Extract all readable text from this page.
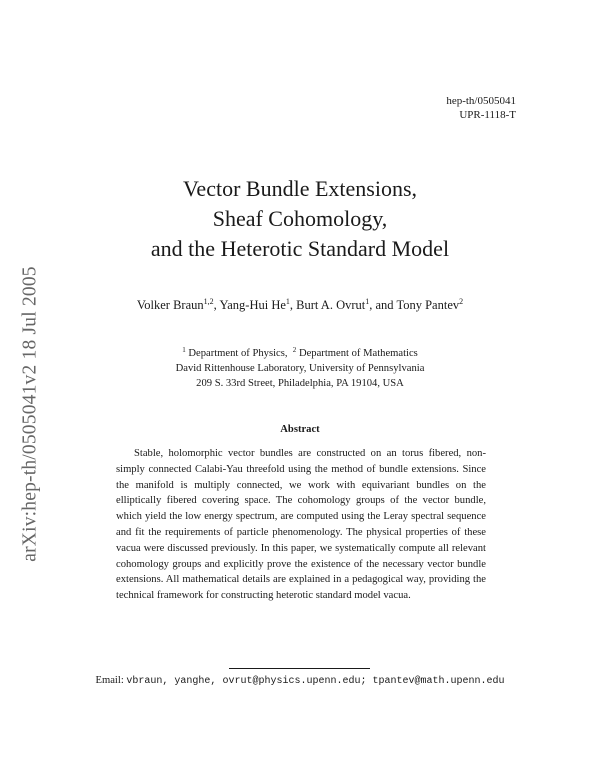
arXiv:hep-th/0505041v2 18 Jul 2005
hep-th/0505041
UPR-1118-T
Vector Bundle Extensions,
Sheaf Cohomology,
and the Heterotic Standard Model
Volker Braun$^{1,2}$, Yang-Hui He$^1$, Burt A. Ovrut$^1$, and Tony Pantev$^2$
$^1$ Department of Physics, $^2$ Department of Mathematics
David Rittenhouse Laboratory, University of Pennsylvania
209 S. 33rd Street, Philadelphia, PA 19104, USA
Abstract

Stable, holomorphic vector bundles are constructed on an torus fibered, non-simply connected Calabi-Yau threefold using the method of bundle extensions. Since the manifold is multiply connected, we work with equivariant bundles on the elliptically fibered covering space. The cohomology groups of the vector bundle, which yield the low energy spectrum, are computed using the Leray spectral sequence and fit the requirements of particle phenomenology. The physical properties of these vacua were discussed previously. In this paper, we systematically compute all relevant cohomology groups and explicitly prove the existence of the necessary vector bundle extensions. All mathematical details are explained in a pedagogical way, providing the technical framework for constructing heterotic standard model vacua.

Email: vbraun, yanghe, ovrut@physics.upenn.edu; tpantev@math.upenn.edu
